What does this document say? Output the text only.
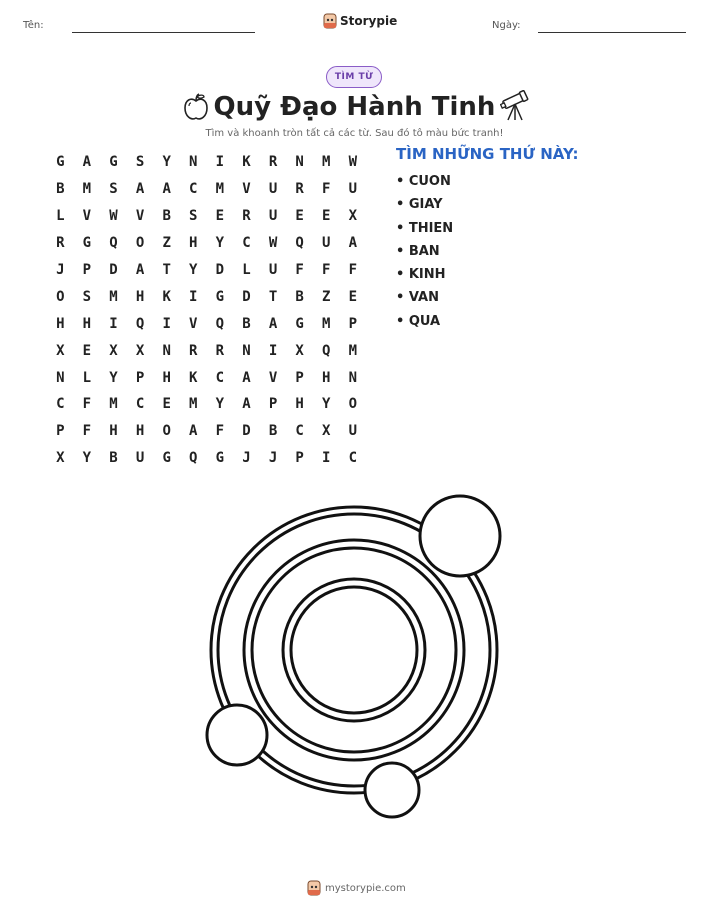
Tên:	Storypie	Ngày:
TÌM TỪ
Quỹ Đạo Hành Tinh
Tìm và khoanh tròn tất cả các từ. Sau đó tô màu bức tranh!
G	A	G	S	Y	N	I	K	R	N	M	W
B	M	S	A	A	C	M	V	U	R	F	U
L	V	W	V	B	S	E	R	U	E	E	X
R	G	Q	O	Z	H	Y	C	W	Q	U	A
J	P	D	A	T	Y	D	L	U	F	F	F
O	S	M	H	K	I	G	D	T	B	Z	E
H	H	I	Q	I	V	Q	B	A	G	M	P
X	E	X	X	N	R	R	N	I	X	Q	M
N	L	Y	P	H	K	C	A	V	P	H	N
C	F	M	C	E	M	Y	A	P	H	Y	O
P	F	H	H	O	A	F	D	B	C	X	U
X	Y	B	U	G	Q	G	J	J	P	I	C
TÌM NHỮNG THỨ NÀY:
• CUON
• GIAY
• THIEN
• BAN
• KINH
• VAN
• QUA
mystorypie.com
